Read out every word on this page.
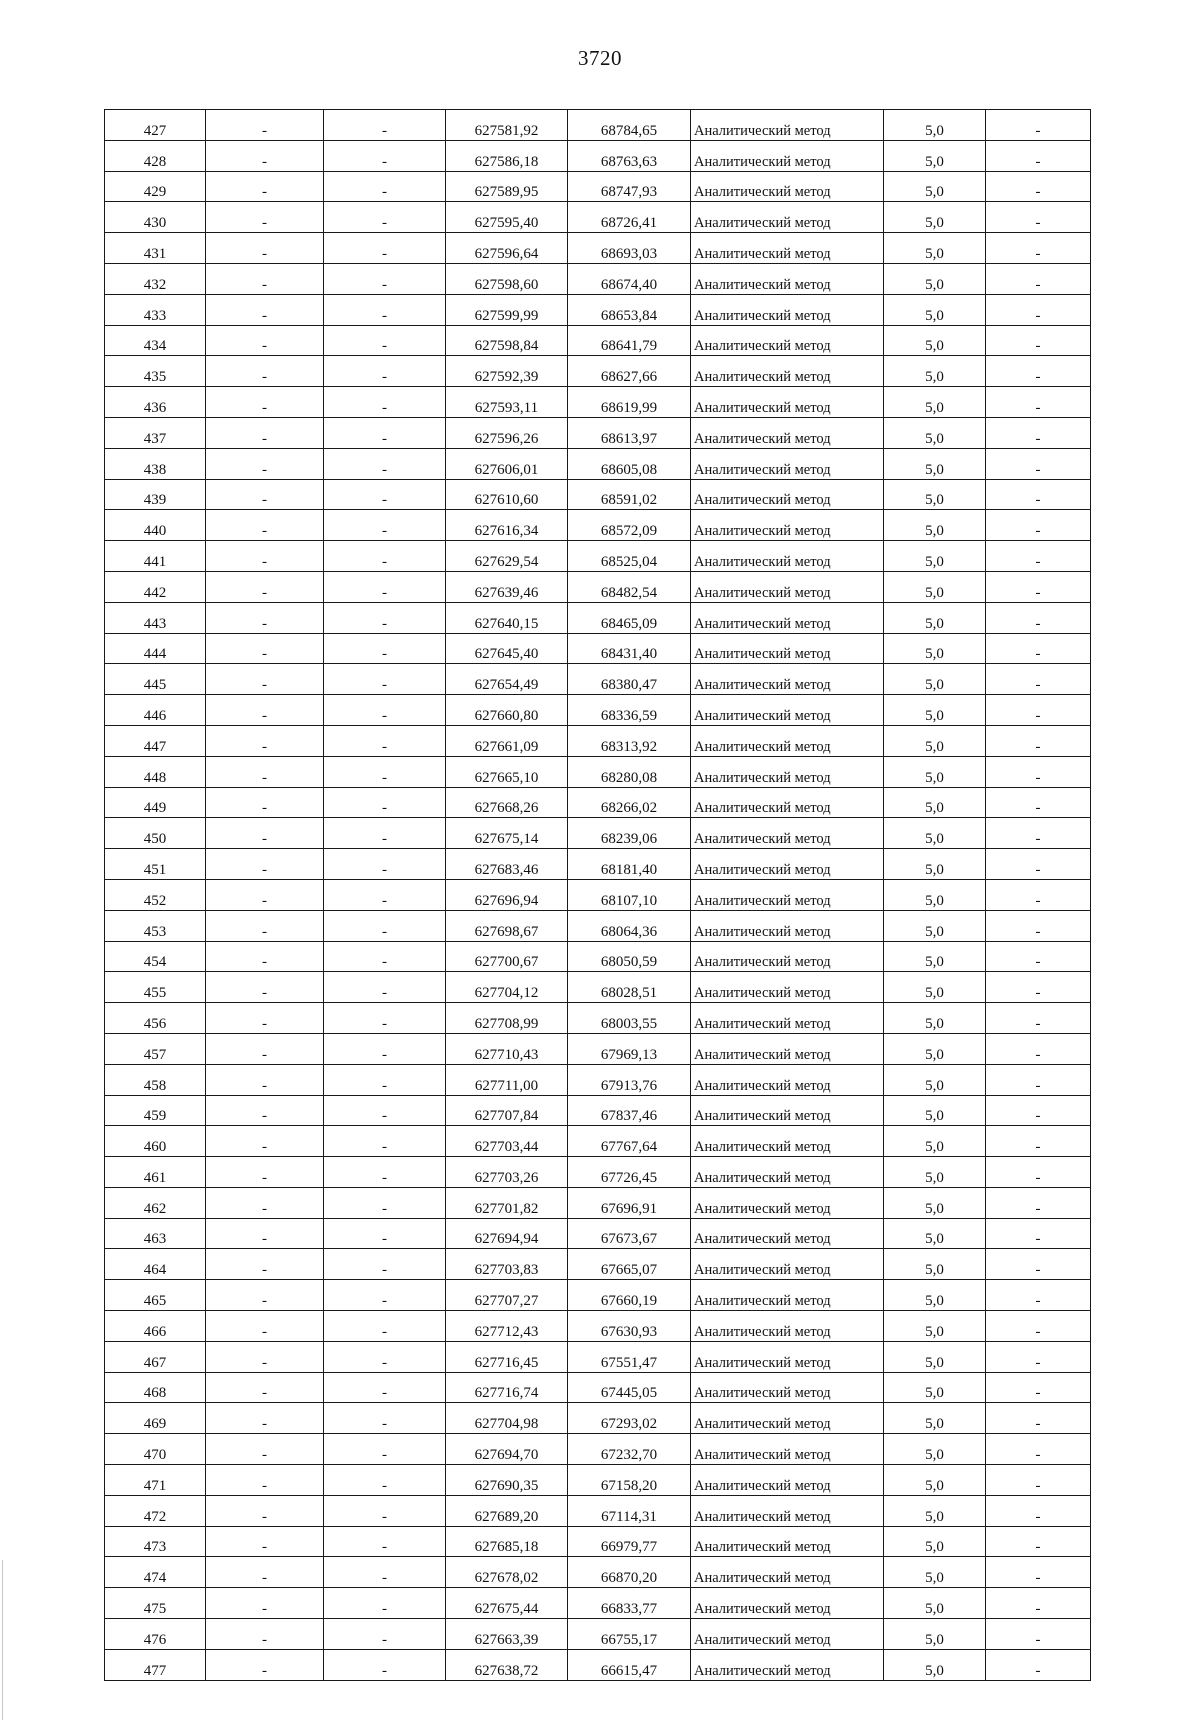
3720
427	-	-	627581,92	68784,65	Аналитический метод	5,0	-
428	-	-	627586,18	68763,63	Аналитический метод	5,0	-
429	-	-	627589,95	68747,93	Аналитический метод	5,0	-
430	-	-	627595,40	68726,41	Аналитический метод	5,0	-
431	-	-	627596,64	68693,03	Аналитический метод	5,0	-
432	-	-	627598,60	68674,40	Аналитический метод	5,0	-
433	-	-	627599,99	68653,84	Аналитический метод	5,0	-
434	-	-	627598,84	68641,79	Аналитический метод	5,0	-
435	-	-	627592,39	68627,66	Аналитический метод	5,0	-
436	-	-	627593,11	68619,99	Аналитический метод	5,0	-
437	-	-	627596,26	68613,97	Аналитический метод	5,0	-
438	-	-	627606,01	68605,08	Аналитический метод	5,0	-
439	-	-	627610,60	68591,02	Аналитический метод	5,0	-
440	-	-	627616,34	68572,09	Аналитический метод	5,0	-
441	-	-	627629,54	68525,04	Аналитический метод	5,0	-
442	-	-	627639,46	68482,54	Аналитический метод	5,0	-
443	-	-	627640,15	68465,09	Аналитический метод	5,0	-
444	-	-	627645,40	68431,40	Аналитический метод	5,0	-
445	-	-	627654,49	68380,47	Аналитический метод	5,0	-
446	-	-	627660,80	68336,59	Аналитический метод	5,0	-
447	-	-	627661,09	68313,92	Аналитический метод	5,0	-
448	-	-	627665,10	68280,08	Аналитический метод	5,0	-
449	-	-	627668,26	68266,02	Аналитический метод	5,0	-
450	-	-	627675,14	68239,06	Аналитический метод	5,0	-
451	-	-	627683,46	68181,40	Аналитический метод	5,0	-
452	-	-	627696,94	68107,10	Аналитический метод	5,0	-
453	-	-	627698,67	68064,36	Аналитический метод	5,0	-
454	-	-	627700,67	68050,59	Аналитический метод	5,0	-
455	-	-	627704,12	68028,51	Аналитический метод	5,0	-
456	-	-	627708,99	68003,55	Аналитический метод	5,0	-
457	-	-	627710,43	67969,13	Аналитический метод	5,0	-
458	-	-	627711,00	67913,76	Аналитический метод	5,0	-
459	-	-	627707,84	67837,46	Аналитический метод	5,0	-
460	-	-	627703,44	67767,64	Аналитический метод	5,0	-
461	-	-	627703,26	67726,45	Аналитический метод	5,0	-
462	-	-	627701,82	67696,91	Аналитический метод	5,0	-
463	-	-	627694,94	67673,67	Аналитический метод	5,0	-
464	-	-	627703,83	67665,07	Аналитический метод	5,0	-
465	-	-	627707,27	67660,19	Аналитический метод	5,0	-
466	-	-	627712,43	67630,93	Аналитический метод	5,0	-
467	-	-	627716,45	67551,47	Аналитический метод	5,0	-
468	-	-	627716,74	67445,05	Аналитический метод	5,0	-
469	-	-	627704,98	67293,02	Аналитический метод	5,0	-
470	-	-	627694,70	67232,70	Аналитический метод	5,0	-
471	-	-	627690,35	67158,20	Аналитический метод	5,0	-
472	-	-	627689,20	67114,31	Аналитический метод	5,0	-
473	-	-	627685,18	66979,77	Аналитический метод	5,0	-
474	-	-	627678,02	66870,20	Аналитический метод	5,0	-
475	-	-	627675,44	66833,77	Аналитический метод	5,0	-
476	-	-	627663,39	66755,17	Аналитический метод	5,0	-
477	-	-	627638,72	66615,47	Аналитический метод	5,0	-
